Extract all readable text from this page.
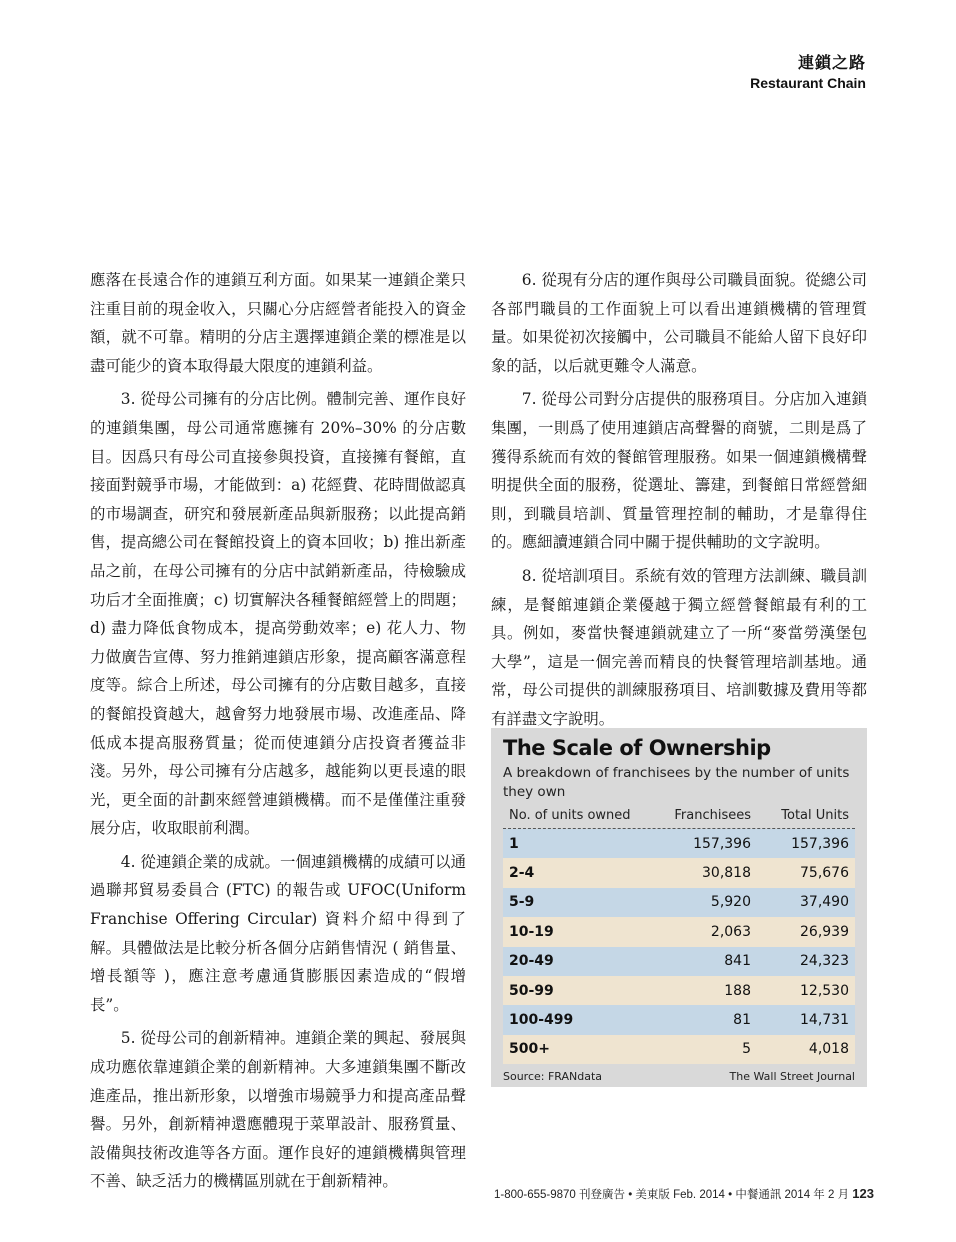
連鎖之路
Restaurant Chain

應落在長遠合作的連鎖互利方面。如果某一連鎖企業只注重目前的現金收入，只關心分店經營者能投入的資金額，就不可靠。精明的分店主選擇連鎖企業的標准是以盡可能少的資本取得最大限度的連鎖利益。

3. 從母公司擁有的分店比例。體制完善、運作良好的連鎖集團，母公司通常應擁有 20%–30% 的分店數目。因爲只有母公司直接參與投資，直接擁有餐館，直接面對競爭市場，才能做到：a) 花經費、花時間做認真的市場調查，研究和發展新產品與新服務；以此提高銷售，提高總公司在餐館投資上的資本回收；b) 推出新產品之前，在母公司擁有的分店中試銷新產品，待檢驗成功后才全面推廣；c) 切實解決各種餐館經營上的問題；d) 盡力降低食物成本，提高勞動效率；e) 花人力、物力做廣告宣傳、努力推銷連鎖店形象，提高顧客滿意程度等。綜合上所述，母公司擁有的分店數目越多，直接的餐館投資越大，越會努力地發展市場、改進產品、降低成本提高服務質量；從而使連鎖分店投資者獲益非淺。另外，母公司擁有分店越多，越能夠以更長遠的眼光，更全面的計劃來經營連鎖機構。而不是僅僅注重發展分店，收取眼前利潤。

4. 從連鎖企業的成就。一個連鎖機構的成績可以通過聯邦貿易委員合 (FTC) 的報告或 UFOC(Uniform Franchise Offering Circular) 資料介紹中得到了解。具體做法是比較分析各個分店銷售情況 ( 銷售量、增長額等 )，應注意考慮通貨膨脹因素造成的“假增長”。

5. 從母公司的創新精神。連鎖企業的興起、發展與成功應依靠連鎖企業的創新精神。大多連鎖集團不斷改進產品，推出新形象，以增強市場競爭力和提高產品聲譽。另外，創新精神還應體現于菜單設計、服務質量、設備與技術改進等各方面。運作良好的連鎖機構與管理不善、缺乏活力的機構區別就在于創新精神。

6. 從現有分店的運作與母公司職員面貌。從總公司各部門職員的工作面貌上可以看出連鎖機構的管理質量。如果從初次接觸中，公司職員不能給人留下良好印象的話，以后就更難令人滿意。

7. 從母公司對分店提供的服務項目。分店加入連鎖集團，一則爲了使用連鎖店高聲譽的商號，二則是爲了獲得系統而有效的餐館管理服務。如果一個連鎖機構聲明提供全面的服務，從選址、籌建，到餐館日常經營細則，到職員培訓、質量管理控制的輔助，才是靠得住的。應細讀連鎖合同中關于提供輔助的文字說明。

8. 從培訓項目。系統有效的管理方法訓練、職員訓練，是餐館連鎖企業優越于獨立經營餐館最有利的工具。例如，麥當快餐連鎖就建立了一所“麥當勞漢堡包大學”，這是一個完善而精良的快餐管理培訓基地。通常，母公司提供的訓練服務項目、培訓數據及費用等都有詳盡文字說明。

The Scale of Ownership
A breakdown of franchisees by the number of units they own
No. of units owned	Franchisees	Total Units
1	157,396	157,396
2-4	30,818	75,676
5-9	5,920	37,490
10-19	2,063	26,939
20-49	841	24,323
50-99	188	12,530
100-499	81	14,731
500+	5	4,018
Source: FRANdata	The Wall Street Journal
1-800-655-9870 刊登廣告 • 美東版 Feb. 2014 • 中餐通訊 2014 年 2 月 123
